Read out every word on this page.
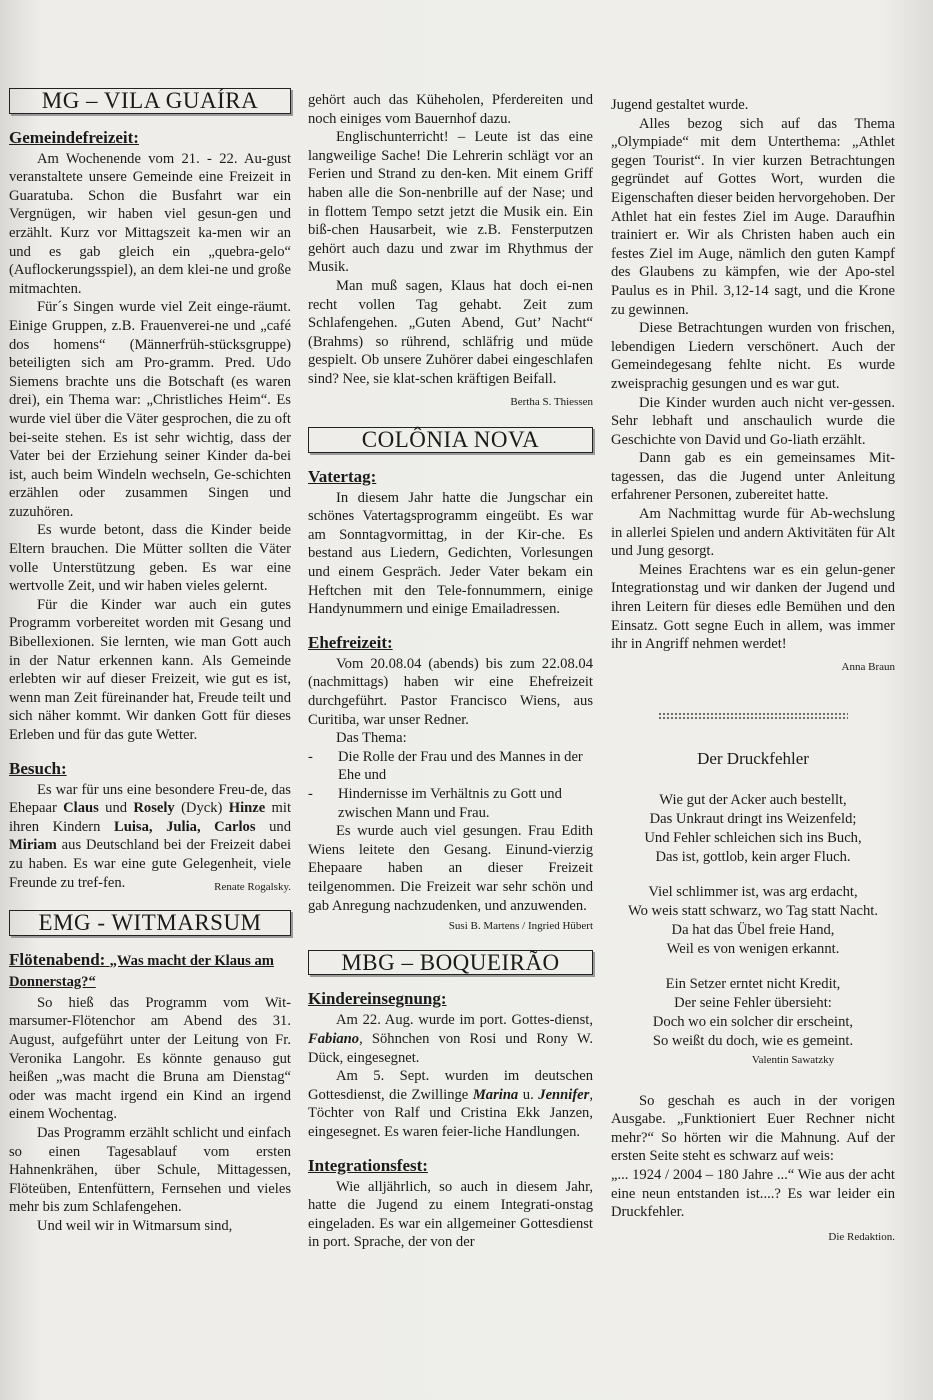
MG – VILA GUAÍRA
Gemeindefreizeit:

Am Wochenende vom 21. - 22. Au-gust veranstaltete unsere Gemeinde eine Freizeit in Guaratuba. Schon die Busfahrt war ein Vergnügen, wir haben viel gesun-gen und erzählt. Kurz vor Mittagszeit ka-men wir an und es gab gleich ein „quebra-gelo“ (Auflockerungsspiel), an dem klei-ne und große mitmachten.

Für´s Singen wurde viel Zeit einge-räumt. Einige Gruppen, z.B. Frauenverei-ne und „café dos homens“ (Männerfrüh-stücksgruppe) beteiligten sich am Pro-gramm. Pred. Udo Siemens brachte uns die Botschaft (es waren drei), ein Thema war: „Christliches Heim“. Es wurde viel über die Väter gesprochen, die zu oft bei-seite stehen. Es ist sehr wichtig, dass der Vater bei der Erziehung seiner Kinder da-bei ist, auch beim Windeln wechseln, Ge-schichten erzählen oder zusammen Singen und zuzuhören.

Es wurde betont, dass die Kinder beide Eltern brauchen. Die Mütter sollten die Väter volle Unterstützung geben. Es war eine wertvolle Zeit, und wir haben vieles gelernt.

Für die Kinder war auch ein gutes Programm vorbereitet worden mit Gesang und Bibellexionen. Sie lernten, wie man Gott auch in der Natur erkennen kann. Als Gemeinde erlebten wir auf dieser Freizeit, wie gut es ist, wenn man Zeit füreinander hat, Freude teilt und sich näher kommt. Wir danken Gott für dieses Erleben und für das gute Wetter.

Besuch:

Es war für uns eine besondere Freu-de, das Ehepaar Claus und Rosely (Dyck) Hinze mit ihren Kindern Luisa, Julia, Carlos und Miriam aus Deutschland bei der Freizeit dabei zu haben. Es war eine gute Gelegenheit, viele Freunde zu tref-fen.	Renate Rogalsky.

EMG - WITMARSUM
Flötenabend: „Was macht der Klaus am Donnerstag?“

So hieß das Programm vom Wit-marsumer-Flötenchor am Abend des 31. August, aufgeführt unter der Leitung von Fr. Veronika Langohr. Es könnte genauso gut heißen „was macht die Bruna am Dienstag“ oder was macht irgend ein Kind an irgend einem Wochentag.

Das Programm erzählt schlicht und einfach so einen Tagesablauf vom ersten Hahnenkrähen, über Schule, Mittagessen, Flöteüben, Entenfüttern, Fernsehen und vieles mehr bis zum Schlafengehen.

Und weil wir in Witmarsum sind,

gehört auch das Küheholen, Pferdereiten und noch einiges vom Bauernhof dazu.

Englischunterricht! – Leute ist das eine langweilige Sache! Die Lehrerin schlägt vor an Ferien und Strand zu den-ken. Mit einem Griff haben alle die Son-nenbrille auf der Nase; und in flottem Tempo setzt jetzt die Musik ein. Ein biß-chen Hausarbeit, wie z.B. Fensterputzen gehört auch dazu und zwar im Rhythmus der Musik.

Man muß sagen, Klaus hat doch ei-nen recht vollen Tag gehabt. Zeit zum Schlafengehen. „Guten Abend, Gut’ Nacht“ (Brahms) so rührend, schläfrig und müde gespielt. Ob unsere Zuhörer dabei eingeschlafen sind? Nee, sie klat-schen kräftigen Beifall.
Bertha S. Thiessen

COLÔNIA NOVA
Vatertag:

In diesem Jahr hatte die Jungschar ein schönes Vatertagsprogramm eingeübt. Es war am Sonntagvormittag, in der Kir-che. Es bestand aus Liedern, Gedichten, Vorlesungen und einem Gespräch. Jeder Vater bekam ein Heftchen mit den Tele-fonnummern, einige Handynummern und einige Emailadressen.

Ehefreizeit:

Vom 20.08.04 (abends) bis zum 22.08.04 (nachmittags) haben wir eine Ehefreizeit durchgeführt. Pastor Francisco Wiens, aus Curitiba, war unser Redner.

Das Thema:

-	Die Rolle der Frau und des Mannes in der Ehe und
-	Hindernisse im Verhältnis zu Gott und zwischen Mann und Frau.

Es wurde auch viel gesungen. Frau Edith Wiens leitete den Gesang. Einund-vierzig Ehepaare haben an dieser Freizeit teilgenommen. Die Freizeit war sehr schön und gab Anregung nachzudenken, und anzuwenden.

Susi B. Martens / Ingried Hübert
MBG – BOQUEIRÃO
Kindereinsegnung:

Am 22. Aug. wurde im port. Gottes-dienst, Fabiano, Söhnchen von Rosi und Rony W. Dück, eingesegnet.

Am 5. Sept. wurden im deutschen Gottesdienst, die Zwillinge Marina u. Jennifer, Töchter von Ralf und Cristina Ekk Janzen, eingesegnet. Es waren feier-liche Handlungen.

Integrationsfest:

Wie alljährlich, so auch in diesem Jahr, hatte die Jugend zu einem Integrati-onstag eingeladen. Es war ein allgemeiner Gottesdienst in port. Sprache, der von der

Jugend gestaltet wurde.

Alles bezog sich auf das Thema „Olympiade“ mit dem Unterthema: „Athlet gegen Tourist“. In vier kurzen Betrachtungen gegründet auf Gottes Wort, wurden die Eigenschaften dieser beiden hervorgehoben. Der Athlet hat ein festes Ziel im Auge. Daraufhin trainiert er. Wir als Christen haben auch ein festes Ziel im Auge, nämlich den guten Kampf des Glaubens zu kämpfen, wie der Apo-stel Paulus es in Phil. 3,12-14 sagt, und die Krone zu gewinnen.

Diese Betrachtungen wurden von frischen, lebendigen Liedern verschönert. Auch der Gemeindegesang fehlte nicht. Es wurde zweisprachig gesungen und es war gut.

Die Kinder wurden auch nicht ver-gessen. Sehr lebhaft und anschaulich wurde die Geschichte von David und Go-liath erzählt.

Dann gab es ein gemeinsames Mit-tagessen, das die Jugend unter Anleitung erfahrener Personen, zubereitet hatte.

Am Nachmittag wurde für Ab-wechslung in allerlei Spielen und andern Aktivitäten für Alt und Jung gesorgt.

Meines Erachtens war es ein gelun-gener Integrationstag und wir danken der Jugend und ihren Leitern für dieses edle Bemühen und den Einsatz. Gott segne Euch in allem, was immer ihr in Angriff nehmen werdet!

Anna Braun
Der Druckfehler
Wie gut der Acker auch bestellt,
Das Unkraut dringt ins Weizenfeld;
Und Fehler schleichen sich ins Buch,
Das ist, gottlob, kein arger Fluch.
Viel schlimmer ist, was arg erdacht,
Wo weis statt schwarz, wo Tag statt Nacht.
Da hat das Übel freie Hand,
Weil es von wenigen erkannt.
Ein Setzer erntet nicht Kredit,
Der seine Fehler übersieht:
Doch wo ein solcher dir erscheint,
So weißt du doch, wie es gemeint.
Valentin Sawatzky

So geschah es auch in der vorigen Ausgabe. „Funktioniert Euer Rechner nicht mehr?“ So hörten wir die Mahnung. Auf der ersten Seite steht es schwarz auf weis:

„... 1924 / 2004 – 180 Jahre ...“ Wie aus der acht eine neun entstanden ist....? Es war leider ein Druckfehler.

Die Redaktion.
